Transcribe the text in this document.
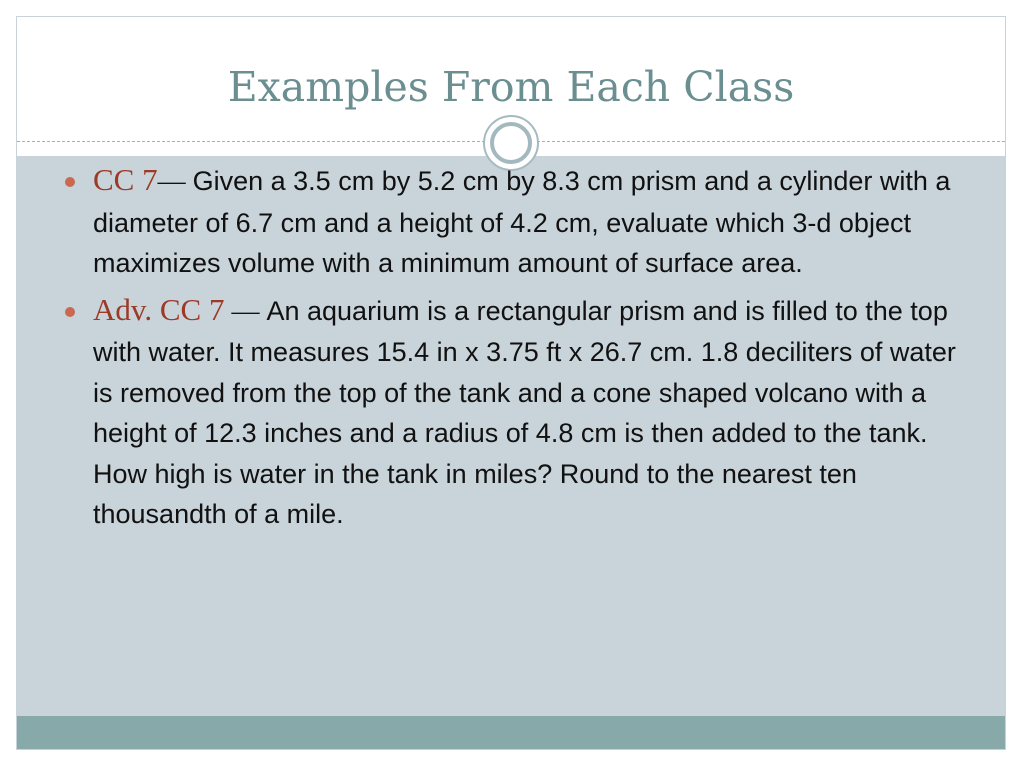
Examples From Each Class
CC 7— Given a 3.5 cm by 5.2 cm by 8.3 cm prism and a cylinder with a diameter of 6.7 cm and a height of 4.2 cm, evaluate which 3-d object maximizes volume with a minimum amount of surface area.
Adv. CC 7 — An aquarium is a rectangular prism and is filled to the top with water. It measures 15.4 in x 3.75 ft x 26.7 cm. 1.8 deciliters of water is removed from the top of the tank and a cone shaped volcano with a height of 12.3 inches and a radius of 4.8 cm is then added to the tank. How high is water in the tank in miles? Round to the nearest ten thousandth of a mile.
